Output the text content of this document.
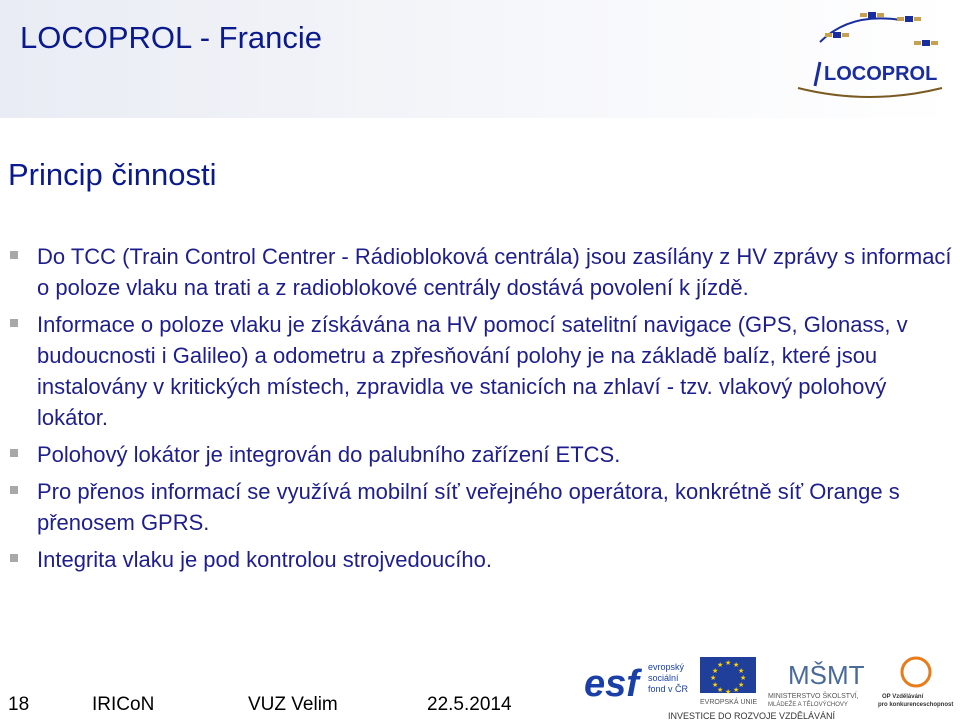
LOCOPROL - Francie
LOCOPROL
Princip činnosti
Do TCC (Train Control Centrer - Rádiobloková centrála) jsou zasílány z HV zprávy s informací o poloze vlaku na trati a z radioblokové centrály dostává povolení k jízdě.
Informace o poloze vlaku je získávána na HV pomocí satelitní navigace (GPS, Glonass, v budoucnosti i Galileo) a odometru a zpřesňování polohy je na základě balíz, které jsou instalovány v kritických místech, zpravidla ve stanicích na zhlaví - tzv. vlakový polohový lokátor.
Polohový lokátor je integrován do palubního zařízení ETCS.
Pro přenos informací se využívá mobilní síť veřejného operátora, konkrétně síť Orange s přenosem GPRS.
Integrita vlaku je pod kontrolou strojvedoucího.
18	IRICoN	VUZ Velim	22.5.2014 esf	evropský
sociální
fond v ČR
★ ★
★
★
★
★
★
★
★
★
★
★
EVROPSKÁ UNIE
MŠMT
MINISTERSTVO ŠKOLSTVÍ,
MLÁDEŽE A TĚLOVÝCHOVY
OP Vzdělávání
pro konkurenceschopnost
INVESTICE DO ROZVOJE VZDĚLÁVÁNÍ
